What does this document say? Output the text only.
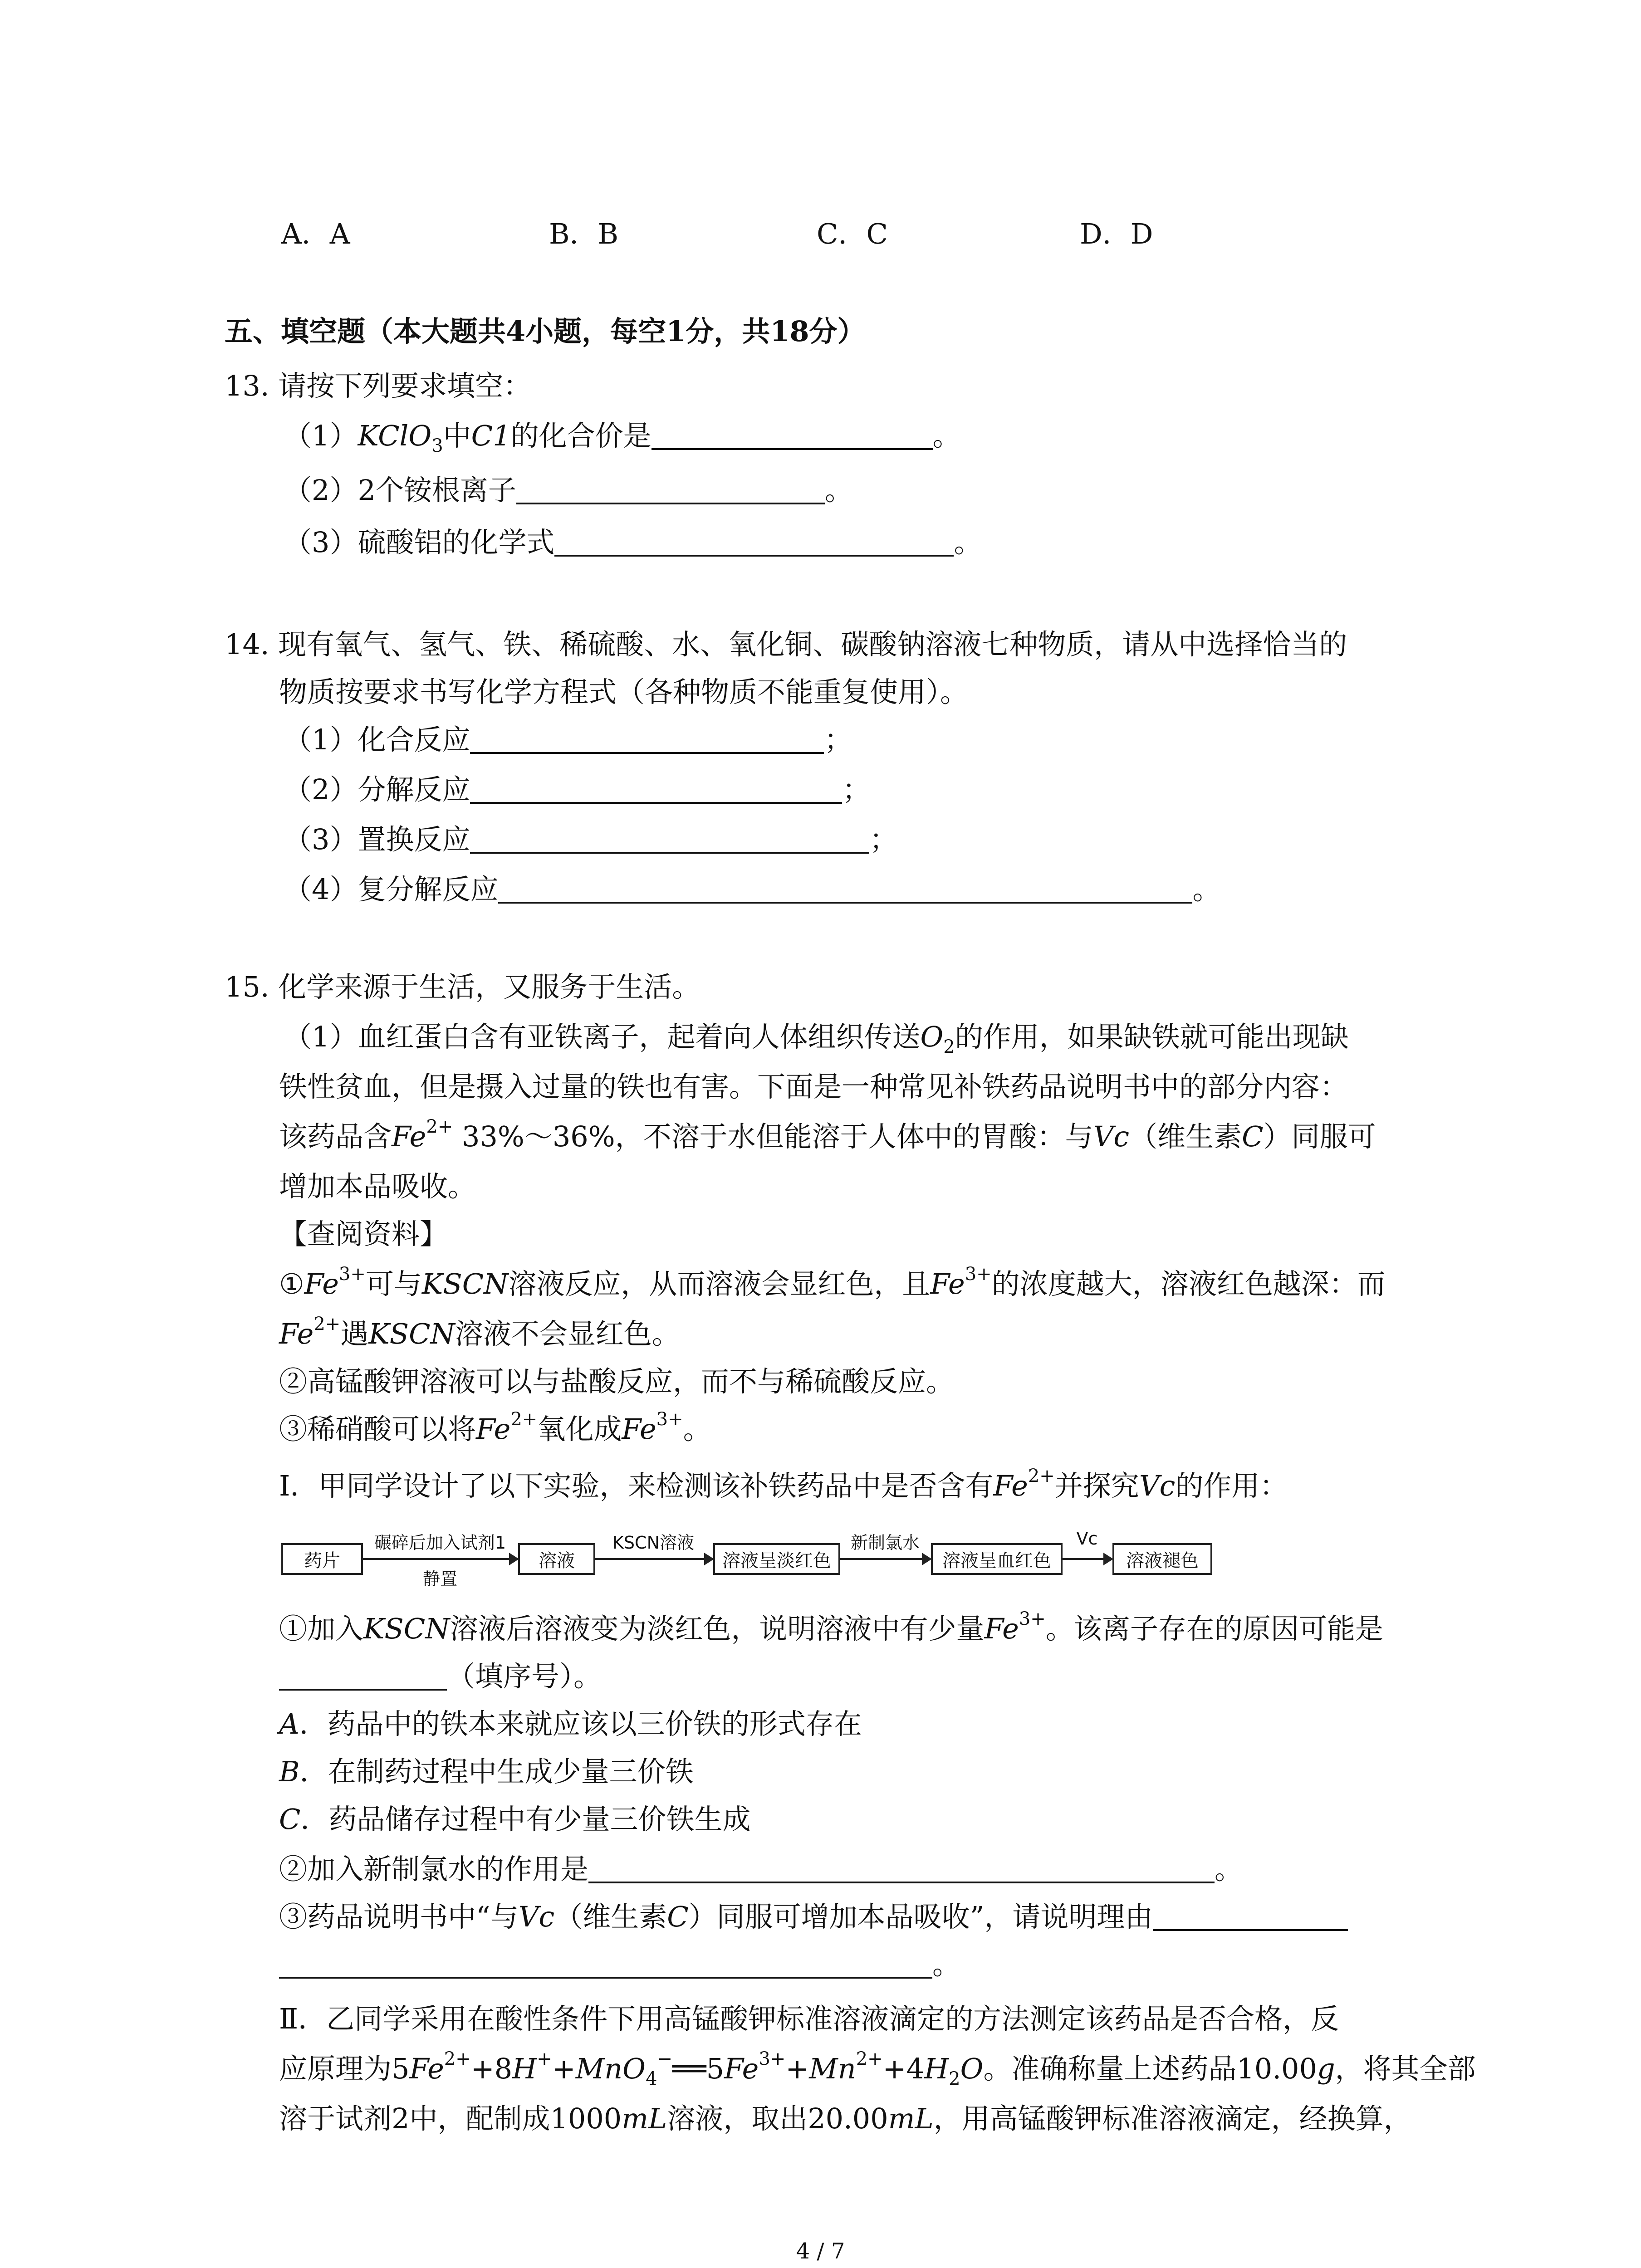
A．A	B．B	C．C	D．D
五、填空题（本大题共4小题，每空1分，共18分）
13. 请按下列要求填空：
（1）KClO$_3$中C1的化合价是	。
（2）2个铵根离子	。
（3）硫酸铝的化学式	。
14. 现有氧气、氢气、铁、稀硫酸、水、氧化铜、碳酸钠溶液七种物质，请从中选择恰当的
物质按要求书写化学方程式（各种物质不能重复使用）。
（1）化合反应	；
（2）分解反应	；
（3）置换反应	；
（4）复分解反应	。
15. 化学来源于生活，又服务于生活。
（1）血红蛋白含有亚铁离子，起着向人体组织传送$O_2$的作用，如果缺铁就可能出现缺
铁性贫血，但是摄入过量的铁也有害。下面是一种常见补铁药品说明书中的部分内容：
该药品含$Fe^{2+}$ 33%～36%，不溶于水但能溶于人体中的胃酸：与Vc（维生素C）同服可
增加本品吸收。
【查阅资料】
$①Fe^{3+}$可与KSCN溶液反应，从而溶液会显红色，且$Fe^{3+}$的浓度越大，溶液红色越深：而
$Fe^{2+}$遇KSCN溶液不会显红色。
②高锰酸钾溶液可以与盐酸反应，而不与稀硫酸反应。
③稀硝酸可以将$Fe^{2+}$氧化成$Fe^{3+}$。
Ⅰ．甲同学设计了以下实验，来检测该补铁药品中是否含有$Fe^{2+}$并探究Vc的作用：
药片
碾碎后加入试剂1
静置
溶液
KSCN溶液
溶液呈淡红色
新制氯水
溶液呈血红色
Vc
溶液褪色
①加入KSCN溶液后溶液变为淡红色，说明溶液中有少量$Fe^{3+}$。该离子存在的原因可能是
（填序号）。
A．药品中的铁本来就应该以三价铁的形式存在
B．在制药过程中生成少量三价铁
C．药品储存过程中有少量三价铁生成
②加入新制氯水的作用是	。
③药品说明书中“与Vc（维生素C）同服可增加本品吸收”，请说明理由
。
Ⅱ．乙同学采用在酸性条件下用高锰酸钾标准溶液滴定的方法测定该药品是否合格，反
应原理为$5Fe^{2+}+8H^++MnO_4^-══5Fe^{3+}+Mn^{2+}+4H_2O$。准确称量上述药品10.00g，将其全部
溶于试剂2中，配制成1000mL溶液，取出20.00mL，用高锰酸钾标准溶液滴定，经换算，
4 / 7
